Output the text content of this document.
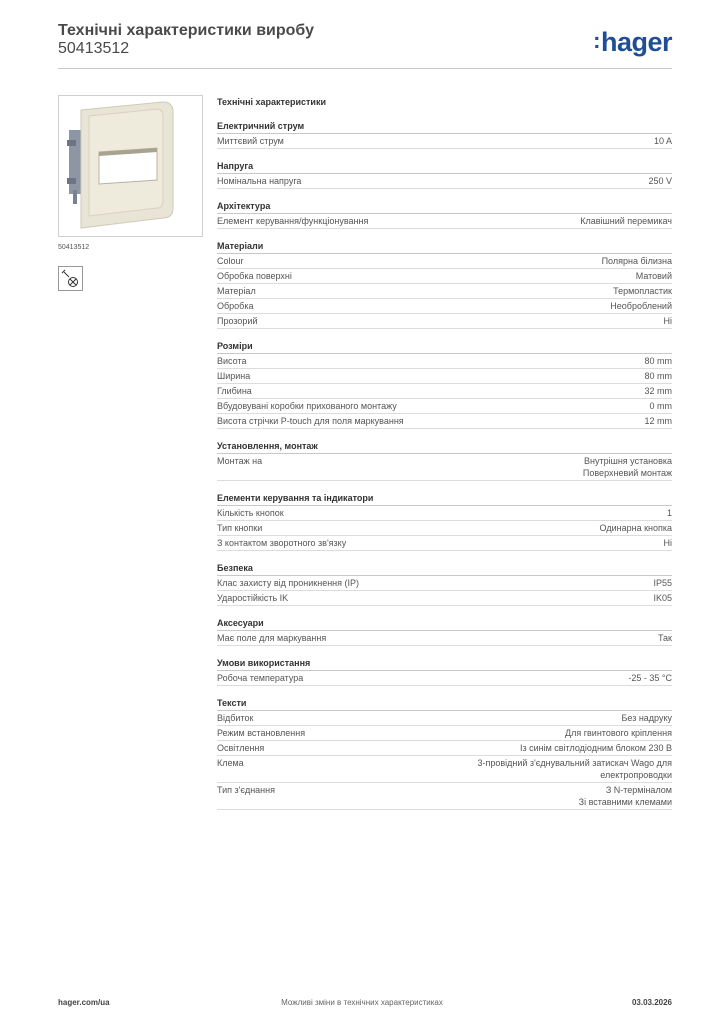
Технічні характеристики виробу
50413512	:hager
50413512
Технічні характеристики
Електричний струм
Миттєвий струм	10 A
Напруга
Номінальна напруга	250 V
Архітектура
Елемент керування/функціонування	Клавішний перемикач
Матеріали
Colour	Полярна білизна
Обробка поверхні	Матовий
Матеріал	Термопластик
Обробка	Необроблений
Прозорий	Ні
Розміри
Висота	80 mm
Ширина	80 mm
Глибина	32 mm
Вбудовувані коробки прихованого монтажу	0 mm
Висота стрічки P-touch для поля маркування	12 mm
Установлення, монтаж
Монтаж на	Внутрішня установка
Поверхневий монтаж
Елементи керування та індикатори
Кількість кнопок	1
Тип кнопки	Одинарна кнопка
З контактом зворотного зв'язку	Ні
Безпека
Клас захисту від проникнення (IP)	IP55
Ударостійкість IK	IK05
Аксесуари
Має поле для маркування	Так
Умови використання
Робоча температура	-25 - 35 °C
Тексти
Відбиток	Без надруку
Режим встановлення	Для гвинтового кріплення
Освітлення	Із синім світлодіодним блоком 230 В
Клема	3-провідний з'єднувальний затискач Wago для
електропроводки
Тип з'єднання	З N-терміналом
Зі вставними клемами
hager.com/ua	Можливі зміни в технічних характеристиках	03.03.2026
